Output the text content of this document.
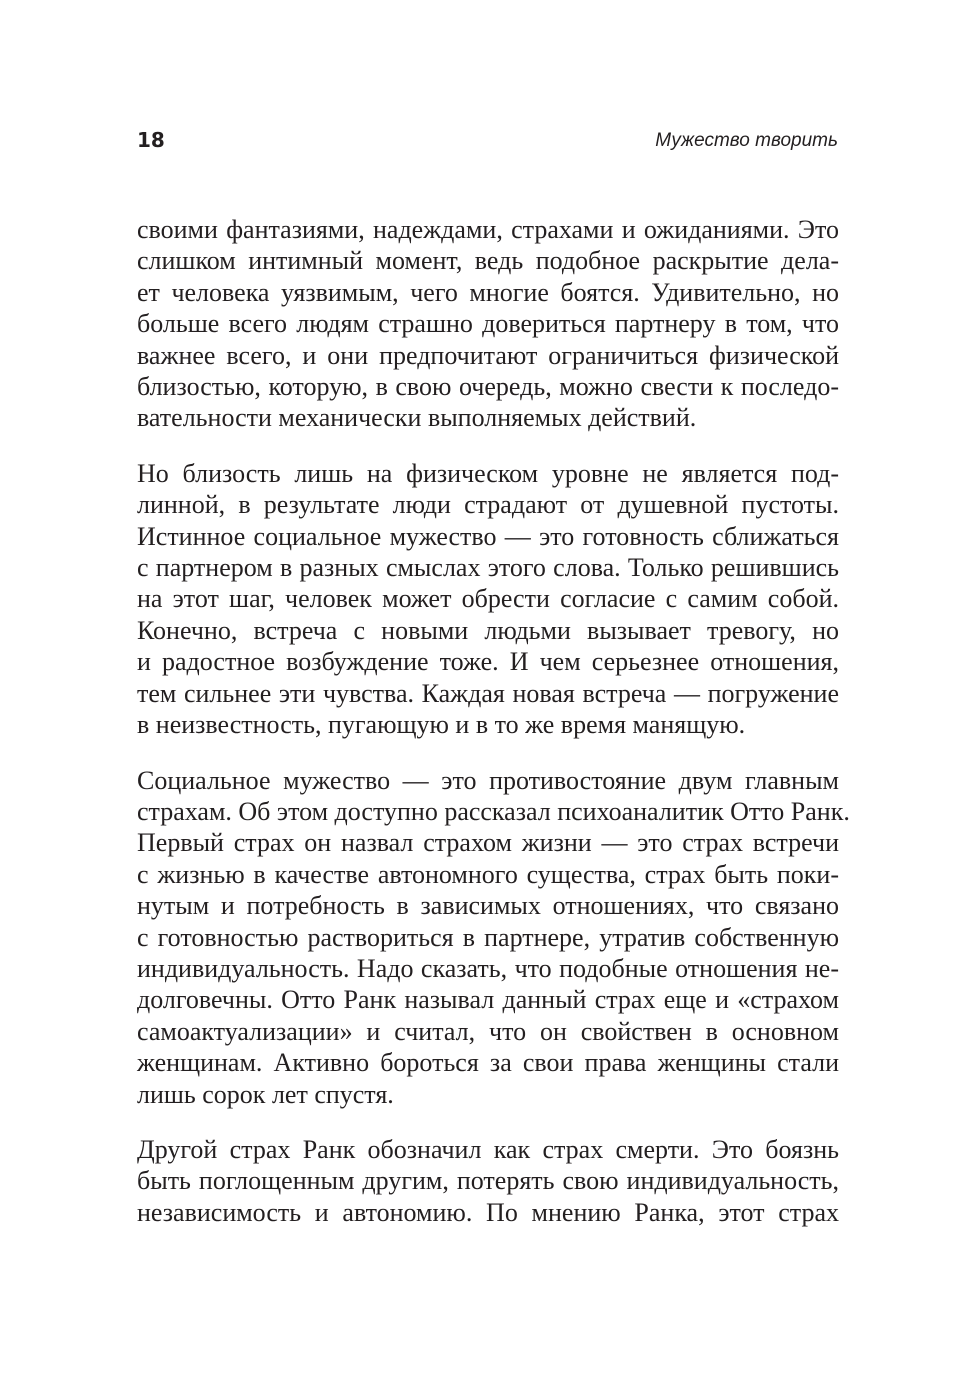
18	Мужество творить

своими фантазиями, надеждами, страхами и ожиданиями. Это
слишком интимный момент, ведь подобное раскрытие дела-
ет человека уязвимым, чего многие боятся. Удивительно, но
больше всего людям страшно довериться партнеру в том, что
важнее всего, и они предпочитают ограничиться физической
близостью, которую, в свою очередь, можно свести к последо-
вательности механически выполняемых действий.

Но близость лишь на физическом уровне не является под-
линной, в результате люди страдают от душевной пустоты.
Истинное социальное мужество — это готовность сближаться
с партнером в разных смыслах этого слова. Только решившись
на этот шаг, человек может обрести согласие с самим собой.
Конечно, встреча с новыми людьми вызывает тревогу, но
и радостное возбуждение тоже. И чем серьезнее отношения,
тем сильнее эти чувства. Каждая новая встреча — погружение
в неизвестность, пугающую и в то же время манящую.

Социальное мужество — это противостояние двум главным
страхам. Об этом доступно рассказал психоаналитик Отто Ранк.
Первый страх он назвал страхом жизни — это страх встречи
с жизнью в качестве автономного существа, страх быть поки-
нутым и потребность в зависимых отношениях, что связано
с готовностью раствориться в партнере, утратив собственную
индивидуальность. Надо сказать, что подобные отношения не-
долговечны. Отто Ранк называл данный страх еще и «страхом
самоактуализации» и считал, что он свойствен в основном
женщинам. Активно бороться за свои права женщины стали
лишь сорок лет спустя.

Другой страх Ранк обозначил как страх смерти. Это боязнь
быть поглощенным другим, потерять свою индивидуальность,
независимость и автономию. По мнению Ранка, этот страх
